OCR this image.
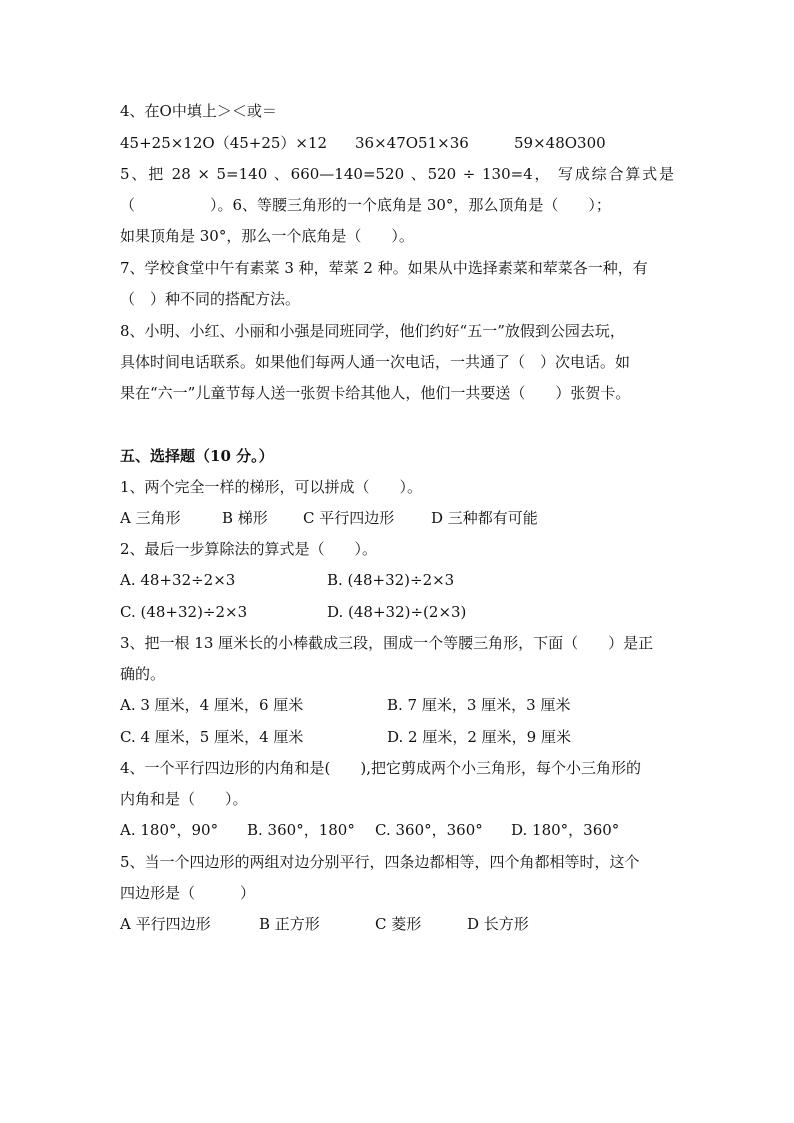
4、在O中填上＞＜或＝
45+25×12O（45+25）×12 36×47O51×36	59×48O300
5、把 28 × 5=140 、660—140=520 、520 ÷ 130=4， 写成综合算式是
（　　　　　）。6、等腰三角形的一个底角是 30°，那么顶角是（　　）；
如果顶角是 30°，那么一个底角是（　　）。
7、学校食堂中午有素菜 3 种，荤菜 2 种。如果从中选择素菜和荤菜各一种，有
（　）种不同的搭配方法。
8、小明、小红、小丽和小强是同班同学，他们约好“五一”放假到公园去玩，
具体时间电话联系。如果他们每两人通一次电话，一共通了（　）次电话。如
果在“六一”儿童节每人送一张贺卡给其他人，他们一共要送（　　）张贺卡。
五、选择题（10 分。）
1、两个完全一样的梯形，可以拼成（　　）。
A 三角形	B 梯形 C 平行四边形 D 三种都有可能
2、最后一步算除法的算式是（　　）。
A. 48+32÷2×3	B. (48+32)÷2×3
C. (48+32)÷2×3	D. (48+32)÷(2×3)
3、把一根 13 厘米长的小棒截成三段，围成一个等腰三角形，下面（　　）是正
确的。
A. 3 厘米，4 厘米，6 厘米	B. 7 厘米，3 厘米，3 厘米
C. 4 厘米，5 厘米，4 厘米	D. 2 厘米，2 厘米，9 厘米
4、一个平行四边形的内角和是(　　),把它剪成两个小三角形，每个小三角形的
内角和是（　　）。
A. 180°，90° B. 360°，180° C. 360°，360° D. 180°，360°
5、当一个四边形的两组对边分别平行，四条边都相等，四个角都相等时，这个
四边形是（　　　）
A 平行四边形	B 正方形	C 菱形	D 长方形
